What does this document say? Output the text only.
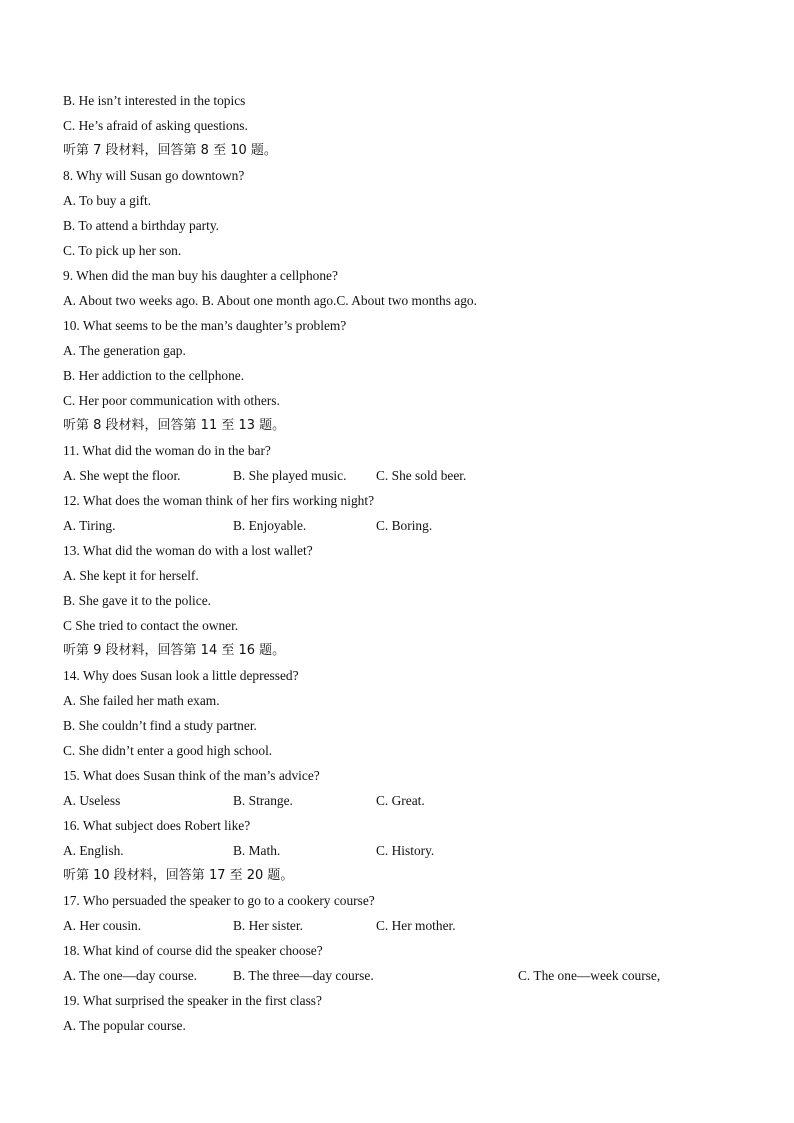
B. He isn’t interested in the topics
C. He’s afraid of asking questions.
听第 7 段材料，回答第 8 至 10 题。
8. Why will Susan go downtown?
A. To buy a gift.
B. To attend a birthday party.
C. To pick up her son.
9. When did the man buy his daughter a cellphone?
A. About two weeks ago. B. About one month ago.C. About two months ago.
10. What seems to be the man’s daughter’s problem?
A. The generation gap.
B. Her addiction to the cellphone.
C. Her poor communication with others.
听第 8 段材料，回答第 11 至 13 题。
11. What did the woman do in the bar?
A. She wept the floor.	B. She played music. C. She sold beer.
12. What does the woman think of her firs working night?
A. Tiring.	B. Enjoyable.	C. Boring.
13. What did the woman do with a lost wallet?
A. She kept it for herself.
B. She gave it to the police.
C She tried to contact the owner.
听第 9 段材料，回答第 14 至 16 题。
14. Why does Susan look a little depressed?
A. She failed her math exam.
B. She couldn’t find a study partner.
C. She didn’t enter a good high school.
15. What does Susan think of the man’s advice?
A. Useless	B. Strange.	C. Great.
16. What subject does Robert like?
A. English.	B. Math.	C. History.
听第 10 段材料，回答第 17 至 20 题。
17. Who persuaded the speaker to go to a cookery course?
A. Her cousin.	B. Her sister.	C. Her mother.
18. What kind of course did the speaker choose?
A. The one—day course.	B. The three—day course.	C. The one—week course,
19. What surprised the speaker in the first class?
A. The popular course.
